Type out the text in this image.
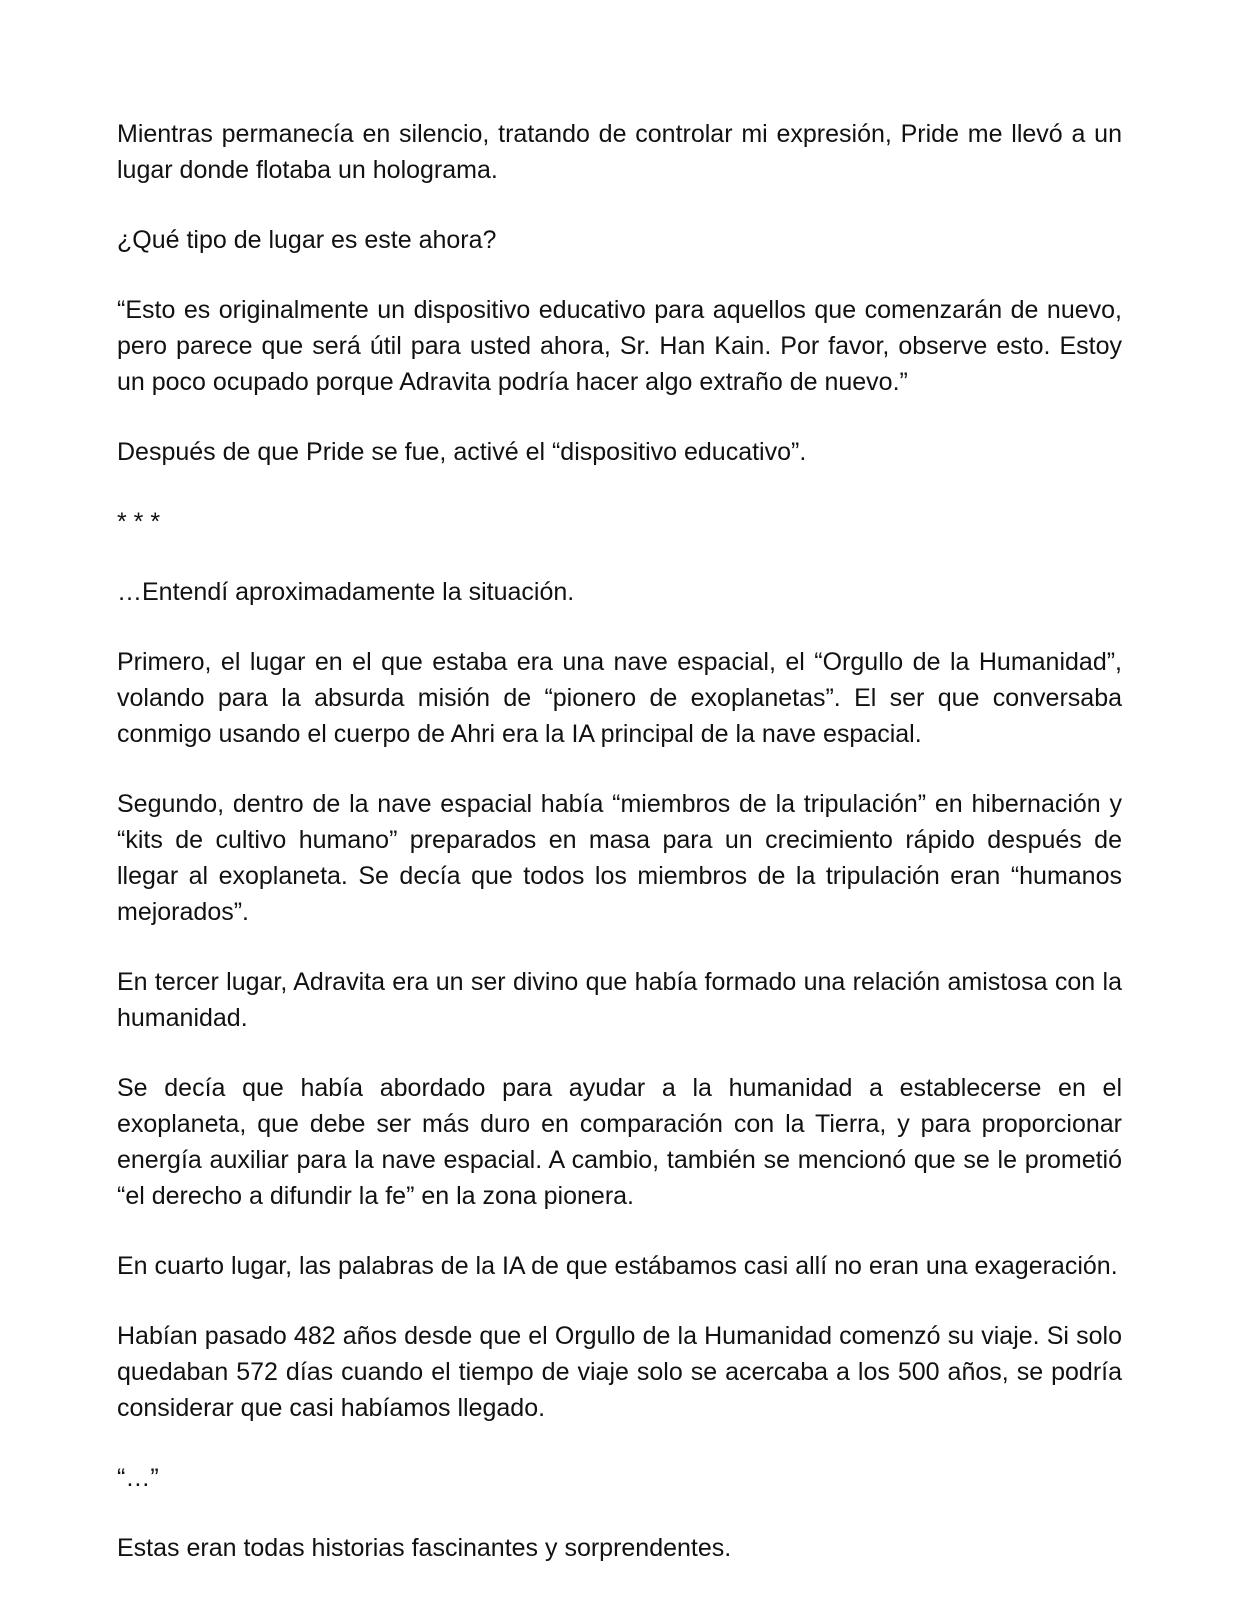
Mientras permanecía en silencio, tratando de controlar mi expresión, Pride me llevó a un lugar donde flotaba un holograma.

¿Qué tipo de lugar es este ahora?

“Esto es originalmente un dispositivo educativo para aquellos que comenzarán de nuevo, pero parece que será útil para usted ahora, Sr. Han Kain. Por favor, observe esto. Estoy un poco ocupado porque Adravita podría hacer algo extraño de nuevo.”

Después de que Pride se fue, activé el “dispositivo educativo”.

* * *

…Entendí aproximadamente la situación.

Primero, el lugar en el que estaba era una nave espacial, el “Orgullo de la Humanidad”, volando para la absurda misión de “pionero de exoplanetas”. El ser que conversaba conmigo usando el cuerpo de Ahri era la IA principal de la nave espacial.

Segundo, dentro de la nave espacial había “miembros de la tripulación” en hibernación y “kits de cultivo humano” preparados en masa para un crecimiento rápido después de llegar al exoplaneta. Se decía que todos los miembros de la tripulación eran “humanos mejorados”.

En tercer lugar, Adravita era un ser divino que había formado una relación amistosa con la humanidad.

Se decía que había abordado para ayudar a la humanidad a establecerse en el exoplaneta, que debe ser más duro en comparación con la Tierra, y para proporcionar energía auxiliar para la nave espacial. A cambio, también se mencionó que se le prometió “el derecho a difundir la fe” en la zona pionera.

En cuarto lugar, las palabras de la IA de que estábamos casi allí no eran una exageración.

Habían pasado 482 años desde que el Orgullo de la Humanidad comenzó su viaje. Si solo quedaban 572 días cuando el tiempo de viaje solo se acercaba a los 500 años, se podría considerar que casi habíamos llegado.

“…”

Estas eran todas historias fascinantes y sorprendentes.
